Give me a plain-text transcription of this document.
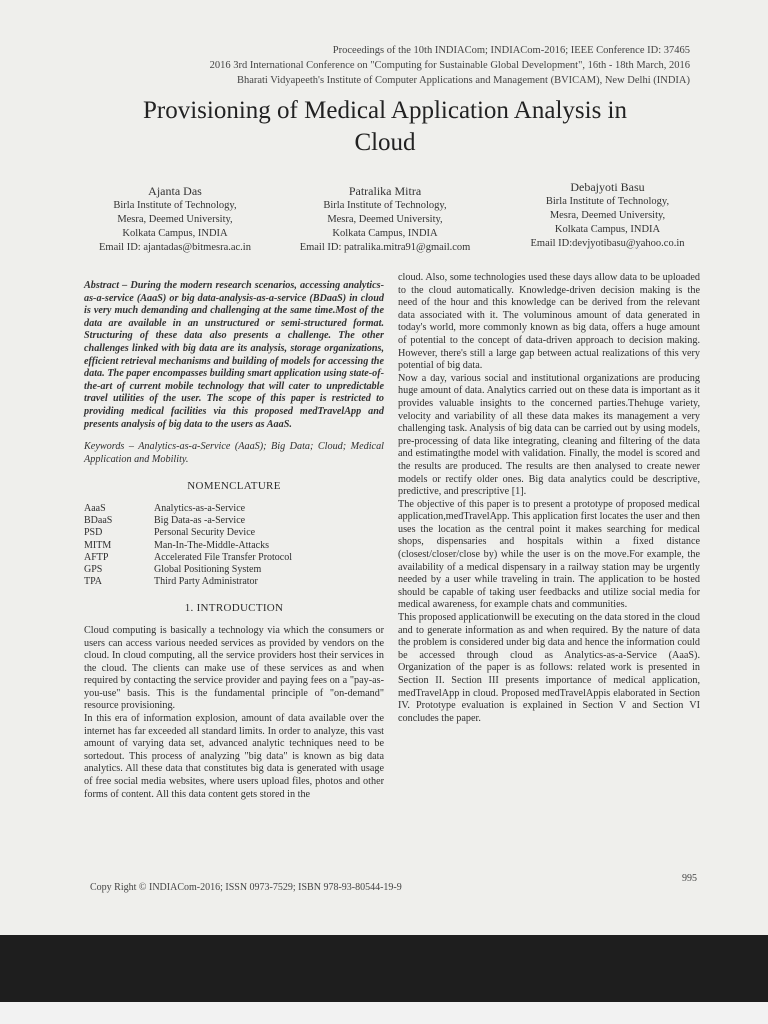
Proceedings of the 10th INDIACom; INDIACom-2016; IEEE Conference ID: 37465
2016 3rd International Conference on "Computing for Sustainable Global Development", 16th - 18th March, 2016
Bharati Vidyapeeth's Institute of Computer Applications and Management (BVICAM), New Delhi (INDIA)
Provisioning of Medical Application Analysis in
Cloud
Ajanta Das
Birla Institute of Technology,
Mesra, Deemed University,
Kolkata Campus, INDIA
Email ID: ajantadas@bitmesra.ac.in
Patralika Mitra
Birla Institute of Technology,
Mesra, Deemed University,
Kolkata Campus, INDIA
Email ID: patralika.mitra91@gmail.com
Debajyoti Basu
Birla Institute of Technology,
Mesra, Deemed University,
Kolkata Campus, INDIA
Email ID:devjyotibasu@yahoo.co.in

Abstract – During the modern research scenarios, accessing analytics-as-a-service (AaaS) or big data-analysis-as-a-service (BDaaS) in cloud is very much demanding and challenging at the same time.Most of the data are available in an unstructured or semi-structured format. Structuring of these data also presents a challenge. The other challenges linked with big data are its analysis, storage organizations, efficient retrieval mechanisms and building of models for accessing the data. The paper encompasses building smart application using state-of-the-art of current mobile technology that will cater to unpredictable travel utilities of the user. The scope of this paper is restricted to providing medical facilities via this proposed medTravelApp and presents analysis of big data to the users as AaaS.

Keywords – Analytics-as-a-Service (AaaS); Big Data; Cloud; Medical Application and Mobility.

NOMENCLATURE
AaaS	Analytics-as-a-Service
BDaaS	Big Data-as -a-Service
PSD	Personal Security Device
MITM	Man-In-The-Middle-Attacks
AFTP	Accelerated File Transfer Protocol
GPS	Global Positioning System
TPA	Third Party Administrator
1. INTRODUCTION

Cloud computing is basically a technology via which the consumers or users can access various needed services as provided by vendors on the cloud. In cloud computing, all the service providers host their services in the cloud. The clients can make use of these services as and when required by contacting the service provider and paying fees on a "pay-as-you-use" basis. This is the fundamental principle of "on-demand" resource provisioning.

In this era of information explosion, amount of data available over the internet has far exceeded all standard limits. In order to analyze, this vast amount of varying data set, advanced analytic techniques need to be sortedout. This process of analyzing "big data" is known as big data analytics. All these data that constitutes big data is generated with usage of free social media websites, where users upload files, photos and other forms of content. All this data content gets stored in the

cloud. Also, some technologies used these days allow data to be uploaded to the cloud automatically. Knowledge-driven decision making is the need of the hour and this knowledge can be derived from the relevant data associated with it. The voluminous amount of data generated in today's world, more commonly known as big data, offers a huge amount of potential to the concept of data-driven approach to decision making. However, there's still a large gap between actual realizations of this very potential of big data.

Now a day, various social and institutional organizations are producing huge amount of data. Analytics carried out on these data is important as it provides valuable insights to the concerned parties.Thehuge variety, velocity and variability of all these data makes its management a very challenging task. Analysis of big data can be carried out by using models, pre-processing of data like integrating, cleaning and filtering of the data and estimatingthe model with validation. Finally, the model is scored and the results are produced. The results are then analysed to create newer models or rectify older ones. Big data analytics could be descriptive, predictive, and prescriptive [1].

The objective of this paper is to present a prototype of proposed medical application,medTravelApp. This application first locates the user and then uses the location as the central point it makes searching for medical shops, dispensaries and hospitals within a fixed distance (closest/closer/close by) while the user is on the move.For example, the availability of a medical dispensary in a railway station may be urgently needed by a user while traveling in train. The application to be hosted should be capable of taking user feedbacks and utilize social media for medical awareness, for example chats and communities.

This proposed applicationwill be executing on the data stored in the cloud and to generate information as and when required. By the nature of data the problem is considered under big data and hence the information could be accessed through cloud as Analytics-as-a-Service (AaaS). Organization of the paper is as follows: related work is presented in Section II. Section III presents importance of medical application, medTravelApp in cloud. Proposed medTravelAppis elaborated in Section IV. Prototype evaluation is explained in Section V and Section VI concludes the paper.

Copy Right © INDIACom-2016; ISSN 0973-7529; ISBN 978-93-80544-19-9
995
